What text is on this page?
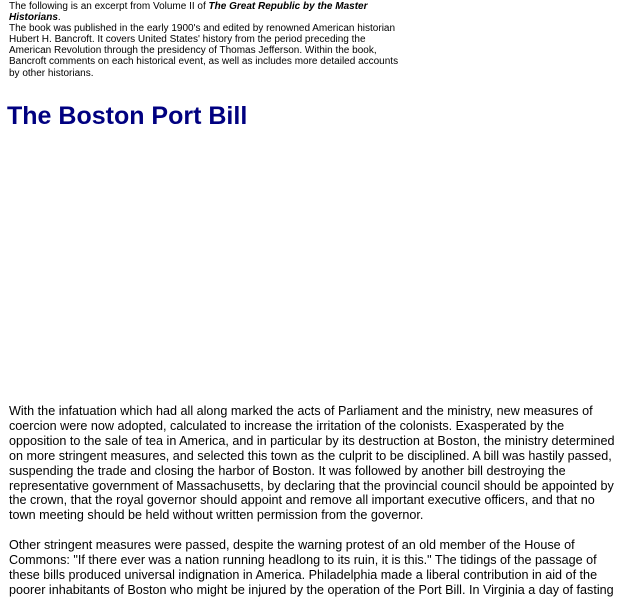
The following is an excerpt from Volume II of The Great Republic by the Master Historians.

The book was published in the early 1900's and edited by renowned American historian

Hubert H. Bancroft. It covers United States' history from the period preceding the

American Revolution through the presidency of Thomas Jefferson. Within the book,

Bancroft comments on each historical event, as well as includes more detailed accounts

by other historians.

The Boston Port Bill

With the infatuation which had all along marked the acts of Parliament and the ministry, new measures of coercion were now adopted, calculated to increase the irritation of the colonists. Exasperated by the opposition to the sale of tea in America, and in particular by its destruction at Boston, the ministry determined on more stringent measures, and selected this town as the culprit to be disciplined. A bill was hastily passed, suspending the trade and closing the harbor of Boston. It was followed by another bill destroying the representative government of Massachusetts, by declaring that the provincial council should be appointed by the crown, that the royal governor should appoint and remove all important executive officers, and that no town meeting should be held without written permission from the governor.

Other stringent measures were passed, despite the warning protest of an old member of the House of Commons: "If there ever was a nation running headlong to its ruin, it is this." The tidings of the passage of these bills produced universal indignation in America. Philadelphia made a liberal contribution in aid of the poorer inhabitants of Boston who might be injured by the operation of the Port Bill. In Virginia a day of fasting
